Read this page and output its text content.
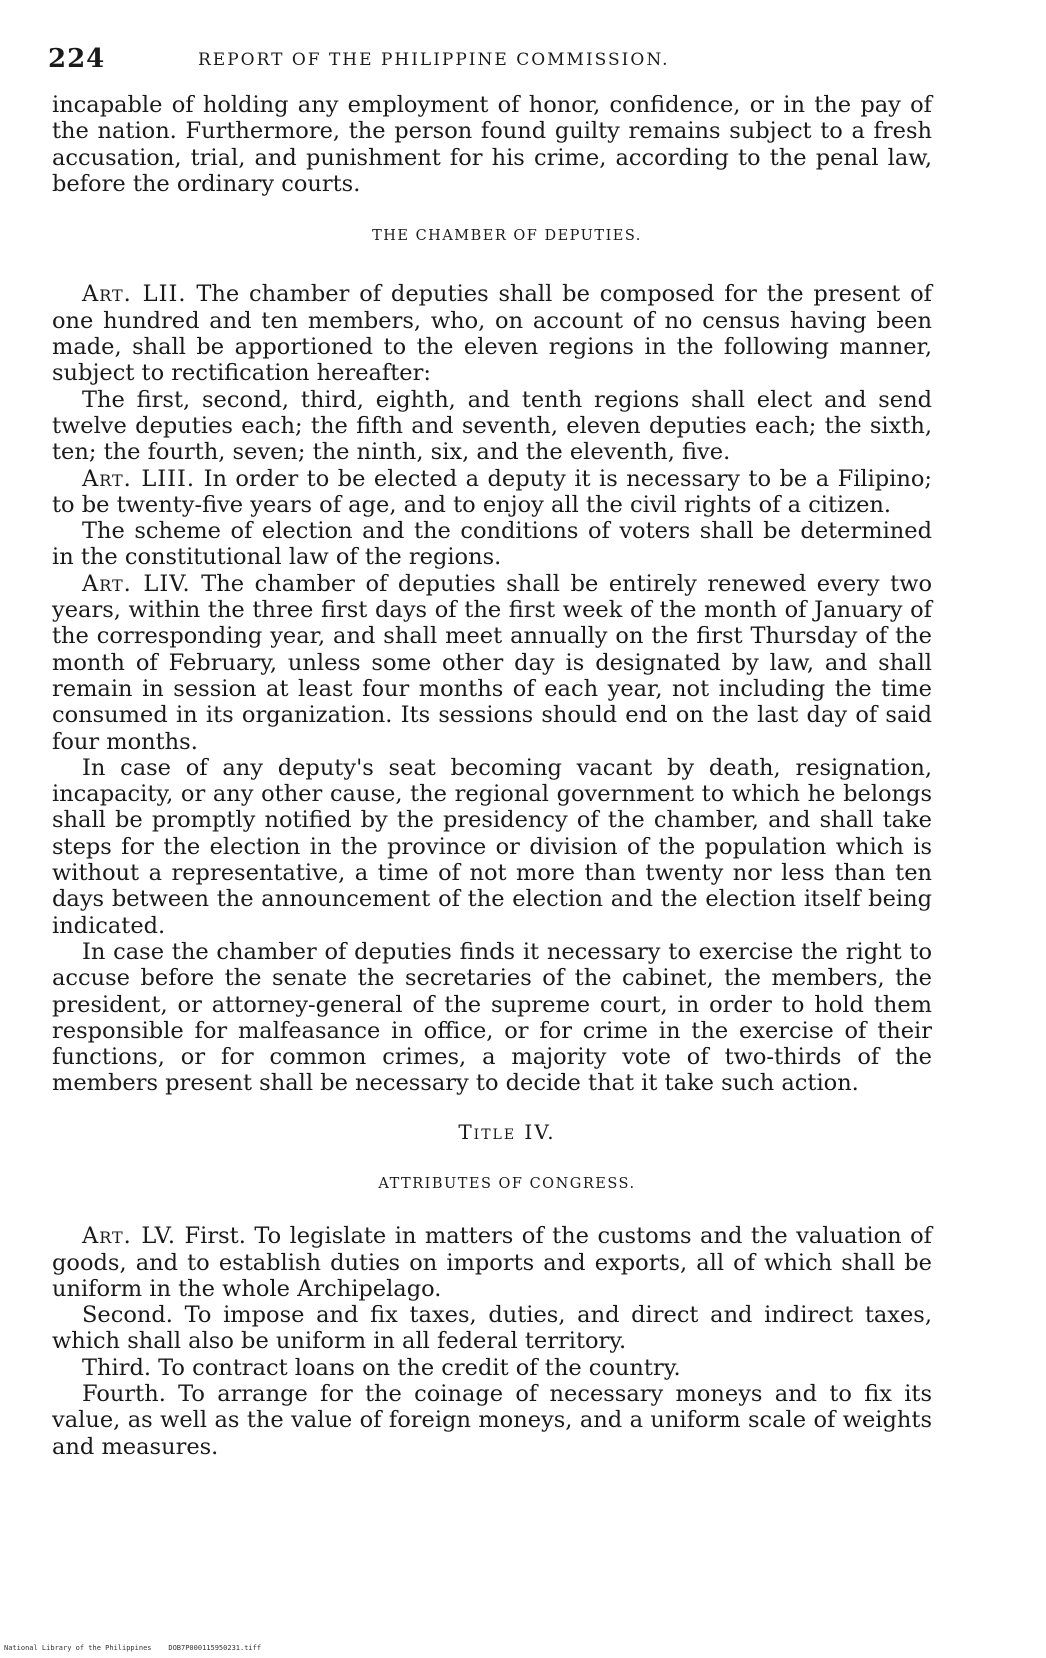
224	REPORT OF THE PHILIPPINE COMMISSION.

incapable of holding any employment of honor, confidence, or in the pay of the nation. Furthermore, the person found guilty remains subject to a fresh accusation, trial, and punishment for his crime, according to the penal law, before the ordinary courts.

THE CHAMBER OF DEPUTIES.

Art. LII. The chamber of deputies shall be composed for the present of one hundred and ten members, who, on account of no census having been made, shall be apportioned to the eleven regions in the following manner, subject to rectification hereafter:

The first, second, third, eighth, and tenth regions shall elect and send twelve deputies each; the fifth and seventh, eleven deputies each; the sixth, ten; the fourth, seven; the ninth, six, and the eleventh, five.

Art. LIII. In order to be elected a deputy it is necessary to be a Filipino; to be twenty-five years of age, and to enjoy all the civil rights of a citizen.

The scheme of election and the conditions of voters shall be determined in the constitutional law of the regions.

Art. LIV. The chamber of deputies shall be entirely renewed every two years, within the three first days of the first week of the month of January of the corresponding year, and shall meet annually on the first Thursday of the month of February, unless some other day is designated by law, and shall remain in session at least four months of each year, not including the time consumed in its organization. Its sessions should end on the last day of said four months.

In case of any deputy's seat becoming vacant by death, resignation, incapacity, or any other cause, the regional government to which he belongs shall be promptly notified by the presidency of the chamber, and shall take steps for the election in the province or division of the population which is without a representative, a time of not more than twenty nor less than ten days between the announcement of the election and the election itself being indicated.

In case the chamber of deputies finds it necessary to exercise the right to accuse before the senate the secretaries of the cabinet, the members, the president, or attorney-general of the supreme court, in order to hold them responsible for malfeasance in office, or for crime in the exercise of their functions, or for common crimes, a majority vote of two-thirds of the members present shall be necessary to decide that it take such action.

Title IV.

ATTRIBUTES OF CONGRESS.

Art. LV. First. To legislate in matters of the customs and the valuation of goods, and to establish duties on imports and exports, all of which shall be uniform in the whole Archipelago.

Second. To impose and fix taxes, duties, and direct and indirect taxes, which shall also be uniform in all federal territory.

Third. To contract loans on the credit of the country.

Fourth. To arrange for the coinage of necessary moneys and to fix its value, as well as the value of foreign moneys, and a uniform scale of weights and measures.

National Library of the Philippines    DOB7P000115950231.tiff
